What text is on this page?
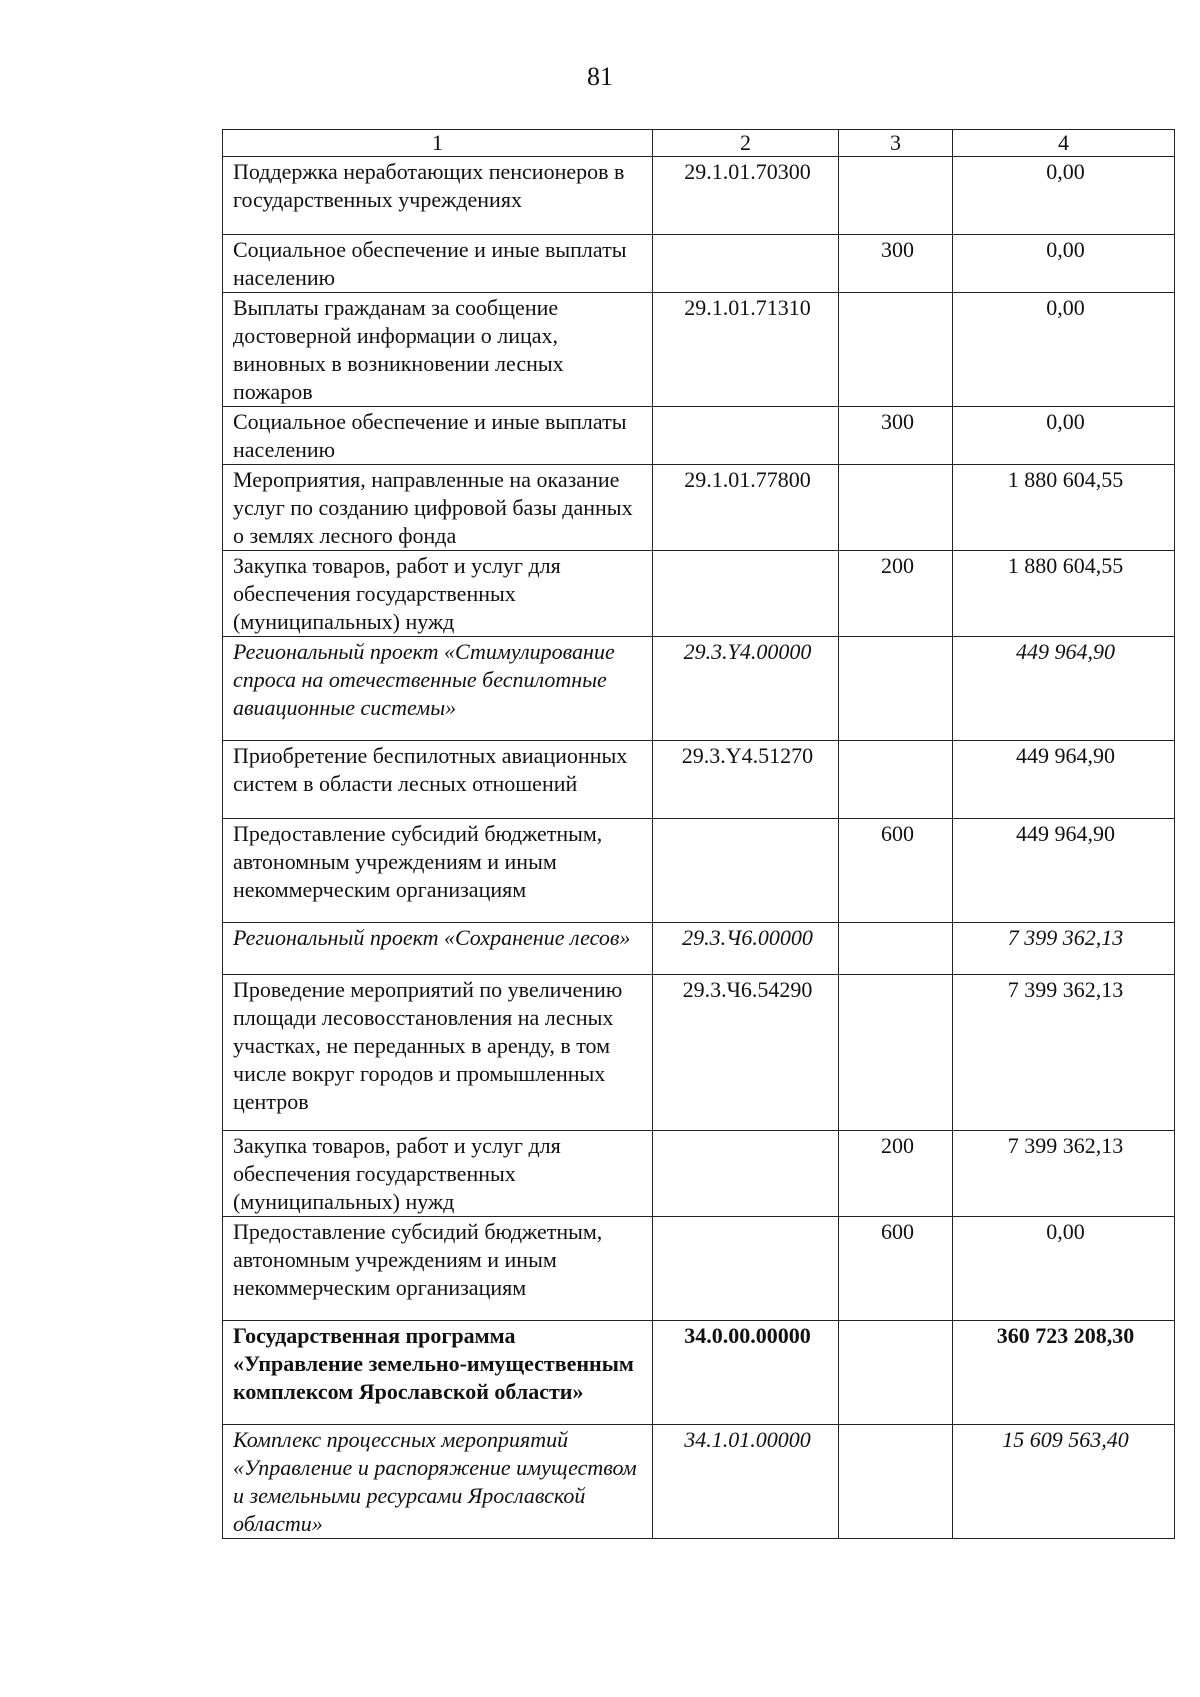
81
1	2	3	4
Поддержка неработающих пенсионеров в государственных учреждениях	29.1.01.70300		0,00
Социальное обеспечение и иные выплаты населению		300	0,00
Выплаты гражданам за сообщение достоверной информации о лицах, виновных в возникновении лесных пожаров	29.1.01.71310		0,00
Социальное обеспечение и иные выплаты населению		300	0,00
Мероприятия, направленные на оказание услуг по созданию цифровой базы данных о землях лесного фонда	29.1.01.77800		1 880 604,55
Закупка товаров, работ и услуг для обеспечения государственных (муниципальных) нужд		200	1 880 604,55
Региональный проект «Стимулирование спроса на отечественные беспилотные авиационные системы»	29.3.Y4.00000		449 964,90
Приобретение беспилотных авиационных систем в области лесных отношений	29.3.Y4.51270		449 964,90
Предоставление субсидий бюджетным, автономным учреждениям и иным некоммерческим организациям		600	449 964,90
Региональный проект «Сохранение лесов»	29.3.Ч6.00000		7 399 362,13
Проведение мероприятий по увеличению площади лесовосстановления на лесных участках, не переданных в аренду, в том числе вокруг городов и промышленных центров	29.3.Ч6.54290		7 399 362,13
Закупка товаров, работ и услуг для обеспечения государственных (муниципальных) нужд		200	7 399 362,13
Предоставление субсидий бюджетным, автономным учреждениям и иным некоммерческим организациям		600	0,00
Государственная программа «Управление земельно-имущественным комплексом Ярославской области»	34.0.00.00000		360 723 208,30
Комплекс процессных мероприятий «Управление и распоряжение имуществом и земельными ресурсами Ярославской области»	34.1.01.00000		15 609 563,40
